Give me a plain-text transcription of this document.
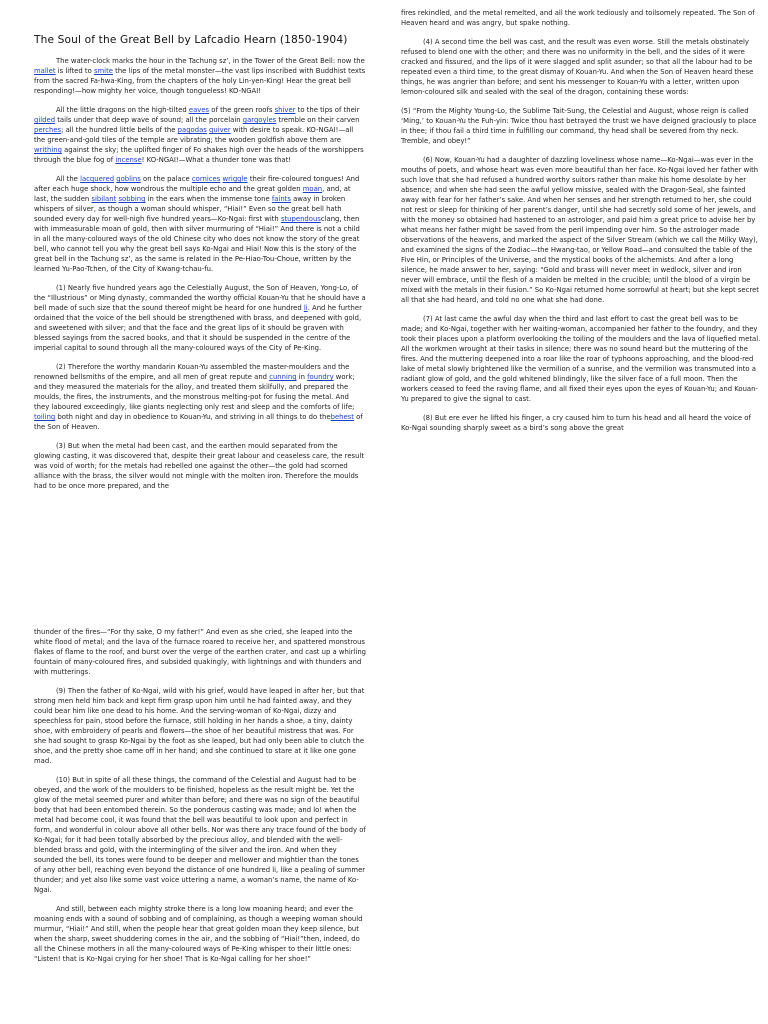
The Soul of the Great Bell by Lafcadio Hearn (1850-1904)

The water-clock marks the hour in the Tachung sz’, in the Tower of the Great Bell: now the mallet is lifted to smite the lips of the metal monster—the vast lips inscribed with Buddhist texts from the sacred Fa-hwa-King, from the chapters of the holy Lin-yen-King! Hear the great bell responding!—how mighty her voice, though tongueless! KO-NGAI!

All the little dragons on the high-tilted eaves of the green roofs shiver to the tips of their gilded tails under that deep wave of sound; all the porcelain gargoyles tremble on their carven perches; all the hundred little bells of the pagodas quiver with desire to speak. KO-NGAI!—all the green-and-gold tiles of the temple are vibrating; the wooden goldfish above them are writhing against the sky; the uplifted finger of Fo shakes high over the heads of the worshippers through the blue fog of incense! KO-NGAI!—What a thunder tone was that!

All the lacquered goblins on the palace cornices wriggle their fire-coloured tongues! And after each huge shock, how wondrous the multiple echo and the great golden moan, and, at last, the sudden sibilant sobbing in the ears when the immense tone faints away in broken whispers of silver, as though a woman should whisper, “Hiai!” Even so the great bell hath sounded every day for well-nigh five hundred years—Ko-Ngai: first with stupendousclang, then with immeasurable moan of gold, then with silver murmuring of “Hiai!” And there is not a child in all the many-coloured ways of the old Chinese city who does not know the story of the great bell, who cannot tell you why the great bell says Ko-Ngai and Hiai! Now this is the story of the great bell in the Tachung sz’, as the same is related in the Pe-Hiao-Tou-Choue, written by the learned Yu-Pao-Tchen, of the City of Kwang-tchau-fu.

(1) Nearly five hundred years ago the Celestially August, the Son of Heaven, Yong-Lo, of the “Illustrious” or Ming dynasty, commanded the worthy official Kouan-Yu that he should have a bell made of such size that the sound thereof might be heard for one hundred li. And he further ordained that the voice of the bell should be strengthened with brass, and deepened with gold, and sweetened with silver; and that the face and the great lips of it should be graven with blessed sayings from the sacred books, and that it should be suspended in the centre of the imperial capital to sound through all the many-coloured ways of the City of Pe-King.

(2) Therefore the worthy mandarin Kouan-Yu assembled the master-moulders and the renowned bellsmiths of the empire, and all men of great repute and cunning in foundry work; and they measured the materials for the alloy, and treated them skilfully, and prepared the moulds, the fires, the instruments, and the monstrous melting-pot for fusing the metal. And they laboured exceedingly, like giants neglecting only rest and sleep and the comforts of life; toiling both night and day in obedience to Kouan-Yu, and striving in all things to do thebehest of the Son of Heaven.

(3) But when the metal had been cast, and the earthen mould separated from the glowing casting, it was discovered that, despite their great labour and ceaseless care, the result was void of worth; for the metals had rebelled one against the other—the gold had scorned alliance with the brass, the silver would not mingle with the molten iron. Therefore the moulds had to be once more prepared, and the

fires rekindled, and the metal remelted, and all the work tediously and toilsomely repeated. The Son of Heaven heard and was angry, but spake nothing.

(4) A second time the bell was cast, and the result was even worse. Still the metals obstinately refused to blend one with the other; and there was no uniformity in the bell, and the sides of it were cracked and fissured, and the lips of it were slagged and split asunder; so that all the labour had to be repeated even a third time, to the great dismay of Kouan-Yu. And when the Son of Heaven heard these things, he was angrier than before; and sent his messenger to Kouan-Yu with a letter, written upon lemon-coloured silk and sealed with the seal of the dragon, containing these words:

(5) “From the Mighty Young-Lo, the Sublime Tait-Sung, the Celestial and August, whose reign is called ‘Ming,’ to Kouan-Yu the Fuh-yin: Twice thou hast betrayed the trust we have deigned graciously to place in thee; if thou fail a third time in fulfilling our command, thy head shall be severed from thy neck. Tremble, and obey!”

(6) Now, Kouan-Yu had a daughter of dazzling loveliness whose name—Ko-Ngai—was ever in the mouths of poets, and whose heart was even more beautiful than her face. Ko-Ngai loved her father with such love that she had refused a hundred worthy suitors rather than make his home desolate by her absence; and when she had seen the awful yellow missive, sealed with the Dragon-Seal, she fainted away with fear for her father’s sake. And when her senses and her strength returned to her, she could not rest or sleep for thinking of her parent’s danger, until she had secretly sold some of her jewels, and with the money so obtained had hastened to an astrologer, and paid him a great price to advise her by what means her father might be saved from the peril impending over him. So the astrologer made observations of the heavens, and marked the aspect of the Silver Stream (which we call the Milky Way), and examined the signs of the Zodiac—the Hwang-tao, or Yellow Road—and consulted the table of the Five Hin, or Principles of the Universe, and the mystical books of the alchemists. And after a long silence, he made answer to her, saying: “Gold and brass will never meet in wedlock, silver and iron never will embrace, until the flesh of a maiden be melted in the crucible; until the blood of a virgin be mixed with the metals in their fusion.” So Ko-Ngai returned home sorrowful at heart; but she kept secret all that she had heard, and told no one what she had done.

(7) At last came the awful day when the third and last effort to cast the great bell was to be made; and Ko-Ngai, together with her waiting-woman, accompanied her father to the foundry, and they took their places upon a platform overlooking the toiling of the moulders and the lava of liquefied metal. All the workmen wrought at their tasks in silence; there was no sound heard but the muttering of the fires. And the muttering deepened into a roar like the roar of typhoons approaching, and the blood-red lake of metal slowly brightened like the vermilion of a sunrise, and the vermilion was transmuted into a radiant glow of gold, and the gold whitened blindingly, like the silver face of a full moon. Then the workers ceased to feed the raving flame, and all fixed their eyes upon the eyes of Kouan-Yu; and Kouan-Yu prepared to give the signal to cast.

(8) But ere ever he lifted his finger, a cry caused him to turn his head and all heard the voice of Ko-Ngai sounding sharply sweet as a bird’s song above the great

thunder of the fires—“For thy sake, O my father!” And even as she cried, she leaped into the white flood of metal; and the lava of the furnace roared to receive her, and spattered monstrous flakes of flame to the roof, and burst over the verge of the earthen crater, and cast up a whirling fountain of many-coloured fires, and subsided quakingly, with lightnings and with thunders and with mutterings.

(9) Then the father of Ko-Ngai, wild with his grief, would have leaped in after her, but that strong men held him back and kept firm grasp upon him until he had fainted away, and they could bear him like one dead to his home. And the serving-woman of Ko-Ngai, dizzy and speechless for pain, stood before the furnace, still holding in her hands a shoe, a tiny, dainty shoe, with embroidery of pearls and flowers—the shoe of her beautiful mistress that was. For she had sought to grasp Ko-Ngai by the foot as she leaped, but had only been able to clutch the shoe, and the pretty shoe came off in her hand; and she continued to stare at it like one gone mad.

(10) But in spite of all these things, the command of the Celestial and August had to be obeyed, and the work of the moulders to be finished, hopeless as the result might be. Yet the glow of the metal seemed purer and whiter than before; and there was no sign of the beautiful body that had been entombed therein. So the ponderous casting was made; and lo! when the metal had become cool, it was found that the bell was beautiful to look upon and perfect in form, and wonderful in colour above all other bells. Nor was there any trace found of the body of Ko-Ngai; for it had been totally absorbed by the precious alloy, and blended with the well-blended brass and gold, with the intermingling of the silver and the iron. And when they sounded the bell, its tones were found to be deeper and mellower and mightier than the tones of any other bell, reaching even beyond the distance of one hundred li, like a pealing of summer thunder; and yet also like some vast voice uttering a name, a woman’s name, the name of Ko-Ngai.

And still, between each mighty stroke there is a long low moaning heard; and ever the moaning ends with a sound of sobbing and of complaining, as though a weeping woman should murmur, “Hiai!” And still, when the people hear that great golden moan they keep silence, but when the sharp, sweet shuddering comes in the air, and the sobbing of “Hiai!”then, indeed, do all the Chinese mothers in all the many-coloured ways of Pe-King whisper to their little ones: “Listen! that is Ko-Ngai crying for her shoe! That is Ko-Ngai calling for her shoe!”
